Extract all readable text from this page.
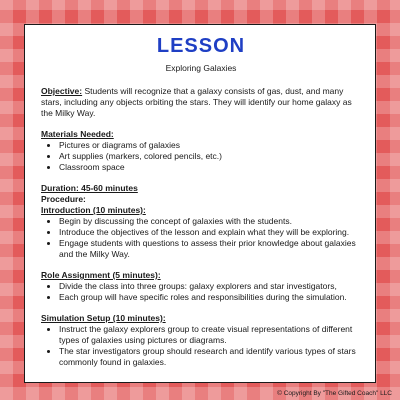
LESSON
Exploring Galaxies

Objective: Students will recognize that a galaxy consists of gas, dust, and many stars, including any objects orbiting the stars. They will identify our home galaxy as the Milky Way.

Materials Needed:

• Pictures or diagrams of galaxies
• Art supplies (markers, colored pencils, etc.)
• Classroom space

Duration: 45-60 minutes

Procedure:

Introduction (10 minutes):

• Begin by discussing the concept of galaxies with the students.
• Introduce the objectives of the lesson and explain what they will be exploring.
• Engage students with questions to assess their prior knowledge about galaxies and the Milky Way.

Role Assignment (5 minutes):

• Divide the class into three groups: galaxy explorers and star investigators,
• Each group will have specific roles and responsibilities during the simulation.

Simulation Setup (10 minutes):

• Instruct the galaxy explorers group to create visual representations of different types of galaxies using pictures or diagrams.
• The star investigators group should research and identify various types of stars commonly found in galaxies.
© Copyright By "The Gifted Coach" LLC
